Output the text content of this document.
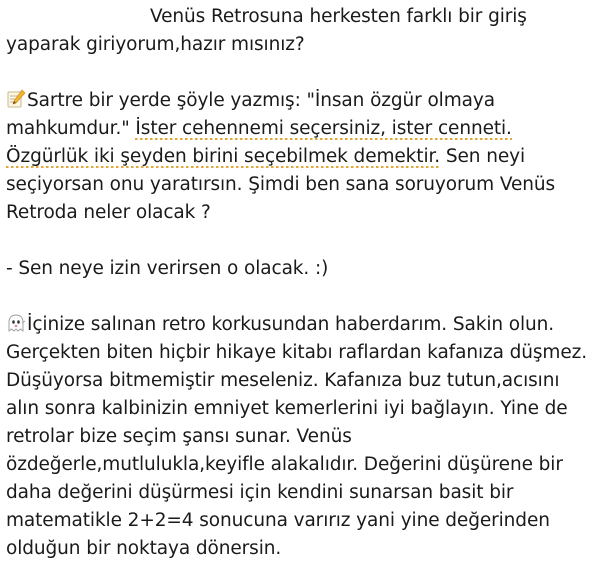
Venüs Retrosuna herkesten farklı bir giriş
yaparak giriyorum,hazır mısınız?
Sartre bir yerde şöyle yazmış: "İnsan özgür olmaya
mahkumdur." İster cehennemi seçersiniz, ister cenneti.
Özgürlük iki şeyden birini seçebilmek demektir. Sen neyi
seçiyorsan onu yaratırsın. Şimdi ben sana soruyorum Venüs
Retroda neler olacak ?
- Sen neye izin verirsen o olacak. :)
İçinize salınan retro korkusundan haberdarım. Sakin olun.
Gerçekten biten hiçbir hikaye kitabı raflardan kafanıza düşmez.
Düşüyorsa bitmemiştir meseleniz. Kafanıza buz tutun,acısını
alın sonra kalbinizin emniyet kemerlerini iyi bağlayın. Yine de
retrolar bize seçim şansı sunar. Venüs
özdeğerle,mutlulukla,keyifle alakalıdır. Değerini düşürene bir
daha değerini düşürmesi için kendini sunarsan basit bir
matematikle 2+2=4 sonucuna varırız yani yine değerinden
olduğun bir noktaya dönersin.
